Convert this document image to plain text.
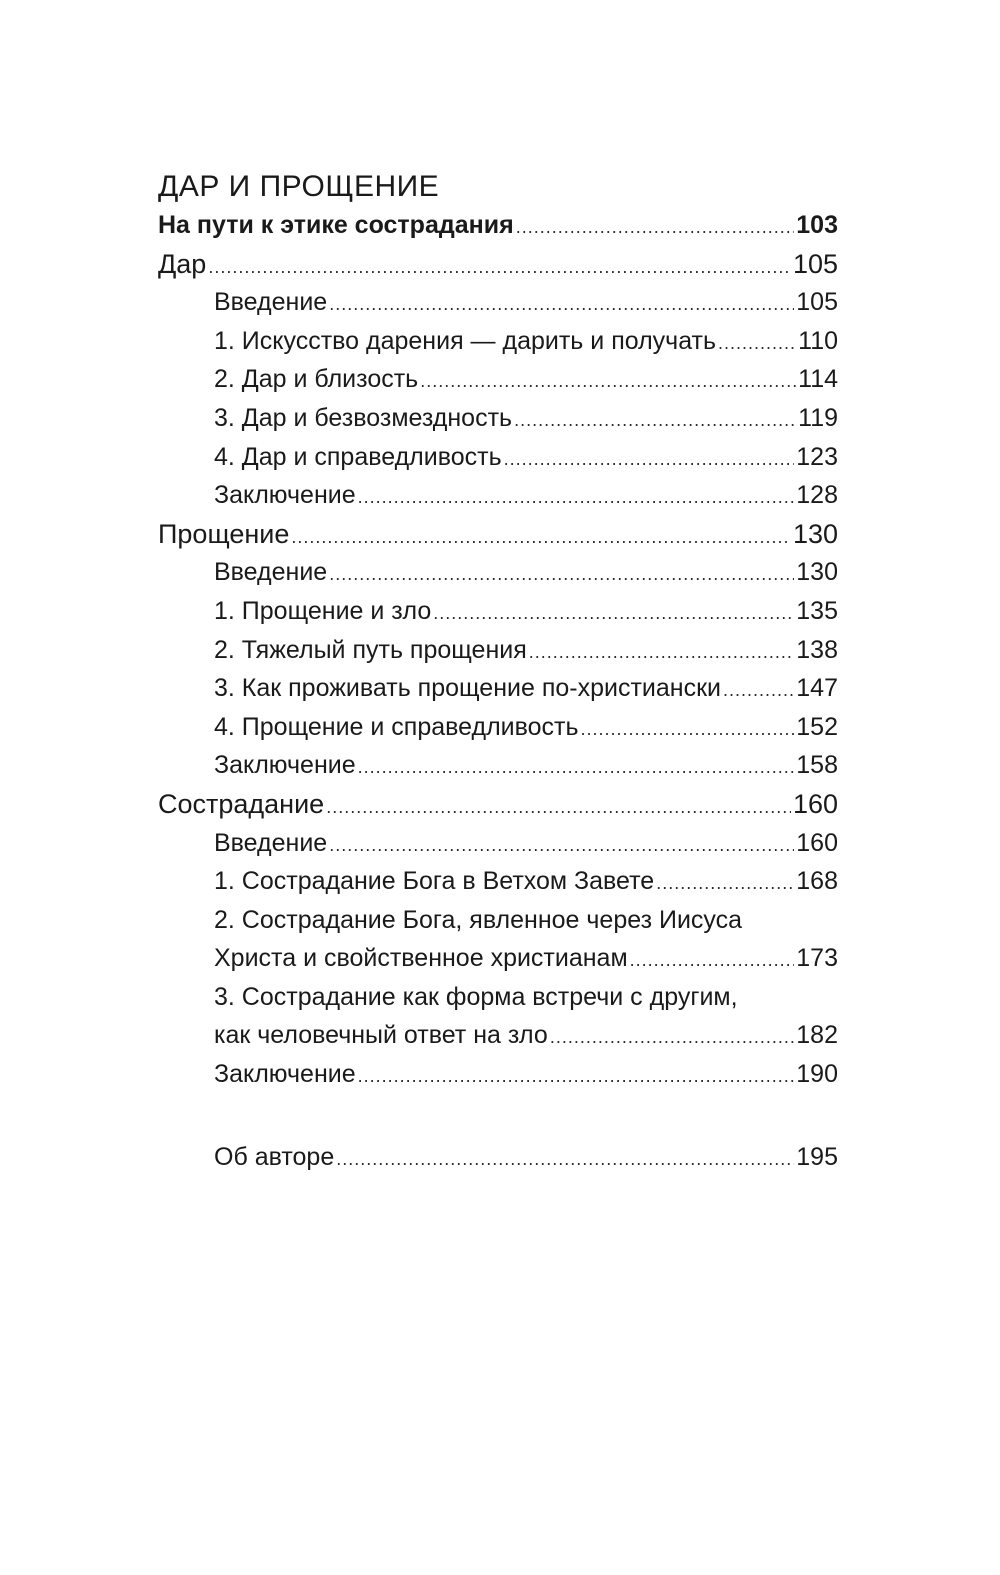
ДАР И ПРОЩЕНИЕ
На пути к этике сострадания .....	103
Дар .....	105
Введение .....	105
1. Искусство дарения — дарить и получать .....	110
2. Дар и близость .....	114
3. Дар и безвозмездность .....	119
4. Дар и справедливость .....	123
Заключение .....	128
Прощение .....	130
Введение .....	130
1. Прощение и зло .....	135
2. Тяжелый путь прощения .....	138
3. Как проживать прощение по-христиански .....	147
4. Прощение и справедливость .....	152
Заключение .....	158
Сострадание .....	160
Введение .....	160
1. Сострадание Бога в Ветхом Завете .....	168
2. Сострадание Бога, явленное через Иисуса
Христа и свойственное христианам .....	173
3. Сострадание как форма встречи с другим,
как человечный ответ на зло .....	182
Заключение .....	190
Об авторе .....	195
